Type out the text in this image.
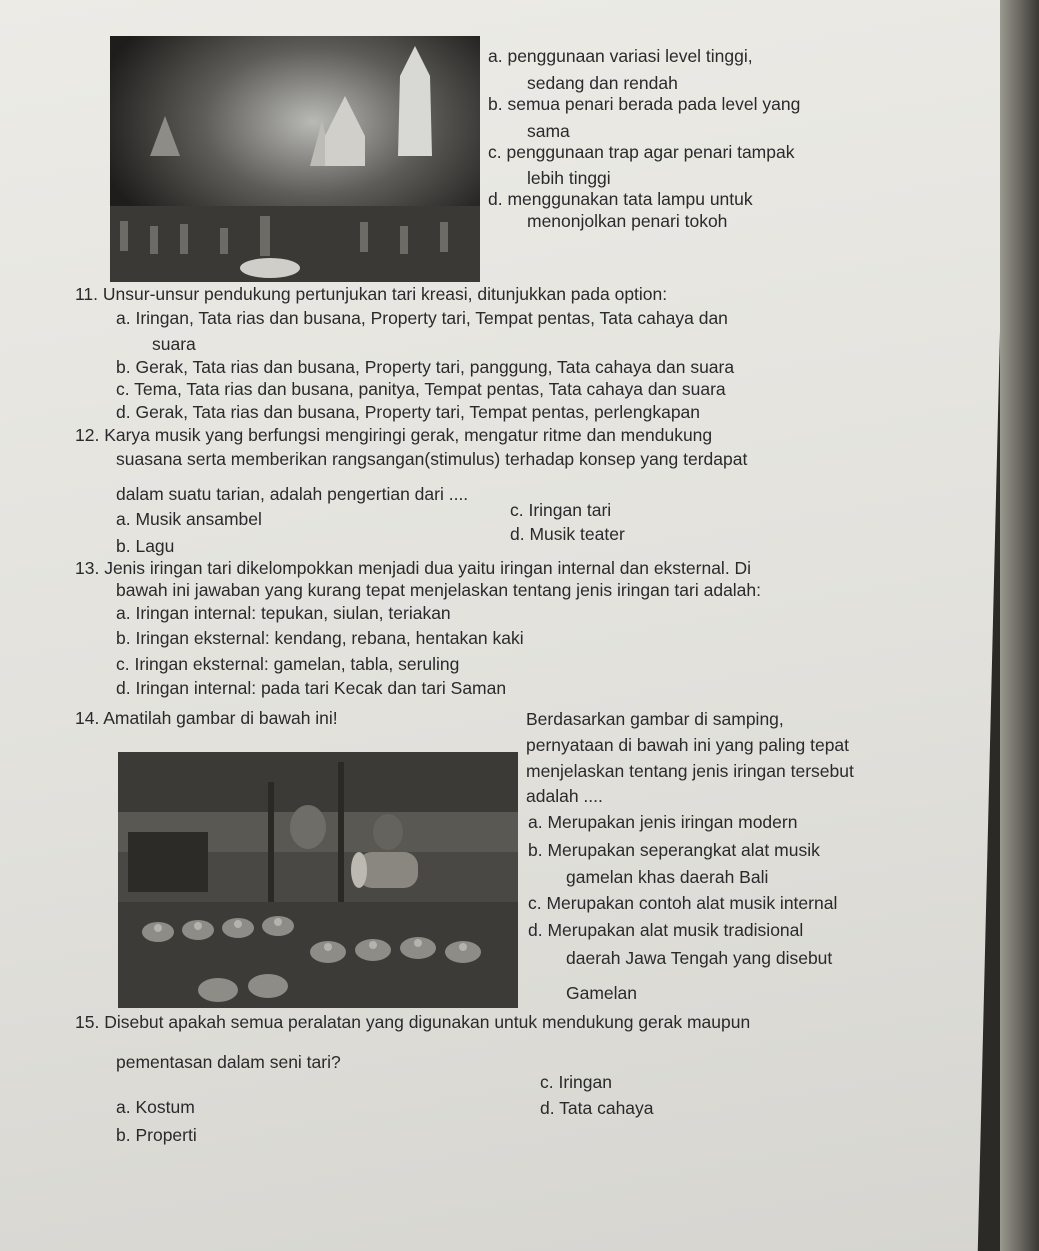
a. penggunaan variasi level tinggi,
sedang dan rendah
b. semua penari berada pada level yang
sama
c. penggunaan trap agar penari tampak
lebih tinggi
d. menggunakan tata lampu untuk
menonjolkan penari tokoh
11. Unsur-unsur pendukung pertunjukan tari kreasi, ditunjukkan pada option:
a. Iringan, Tata rias dan busana, Property tari, Tempat pentas, Tata cahaya dan
suara
b. Gerak, Tata rias dan busana, Property tari, panggung, Tata cahaya dan suara
c. Tema, Tata rias dan busana, panitya, Tempat pentas, Tata cahaya dan suara
d. Gerak, Tata rias dan busana, Property tari, Tempat pentas, perlengkapan
12. Karya musik yang berfungsi mengiringi gerak, mengatur ritme dan mendukung
suasana serta memberikan rangsangan(stimulus) terhadap konsep yang terdapat
dalam suatu tarian, adalah pengertian dari ....
a. Musik ansambel
b. Lagu
c. Iringan tari
d. Musik teater
13. Jenis iringan tari dikelompokkan menjadi dua yaitu iringan internal dan eksternal. Di
bawah ini jawaban yang kurang tepat menjelaskan tentang jenis iringan tari adalah:
a. Iringan internal: tepukan, siulan, teriakan
b. Iringan eksternal: kendang, rebana, hentakan kaki
c. Iringan eksternal: gamelan, tabla, seruling
d. Iringan internal: pada tari Kecak dan tari Saman
14. Amatilah gambar di bawah ini!	Berdasarkan gambar di samping,
pernyataan di bawah ini yang paling tepat
menjelaskan tentang jenis iringan tersebut
adalah ....
a. Merupakan jenis iringan modern
b. Merupakan seperangkat alat musik
gamelan khas daerah Bali
c. Merupakan contoh alat musik internal
d. Merupakan alat musik tradisional
daerah Jawa Tengah yang disebut
Gamelan
15. Disebut apakah semua peralatan yang digunakan untuk mendukung gerak maupun
pementasan dalam seni tari?
a. Kostum
b. Properti
c. Iringan
d. Tata cahaya
